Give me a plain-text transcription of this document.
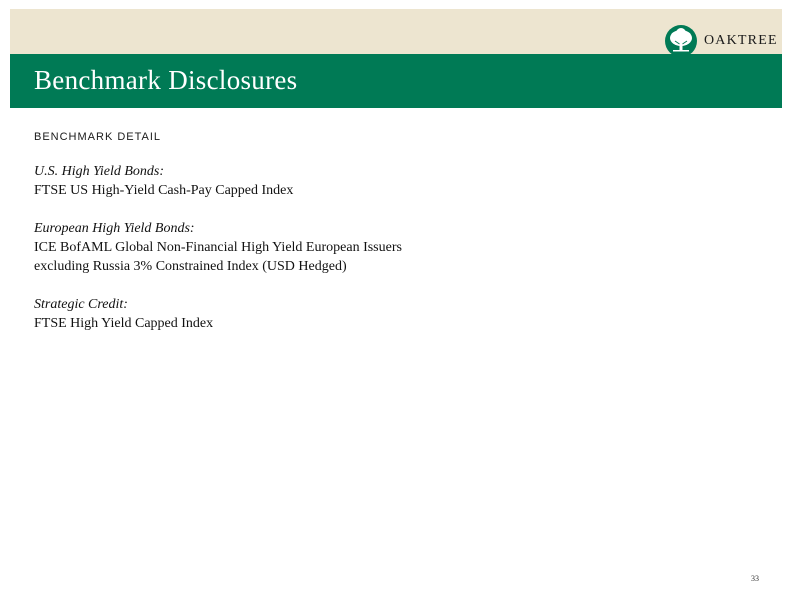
OAKTREE
Benchmark Disclosures
BENCHMARK DETAIL
U.S. High Yield Bonds:
FTSE US High-Yield Cash-Pay Capped Index
European High Yield Bonds:
ICE BofAML Global Non-Financial High Yield European Issuers
excluding Russia 3% Constrained Index (USD Hedged)
Strategic Credit:
FTSE High Yield Capped Index
33
